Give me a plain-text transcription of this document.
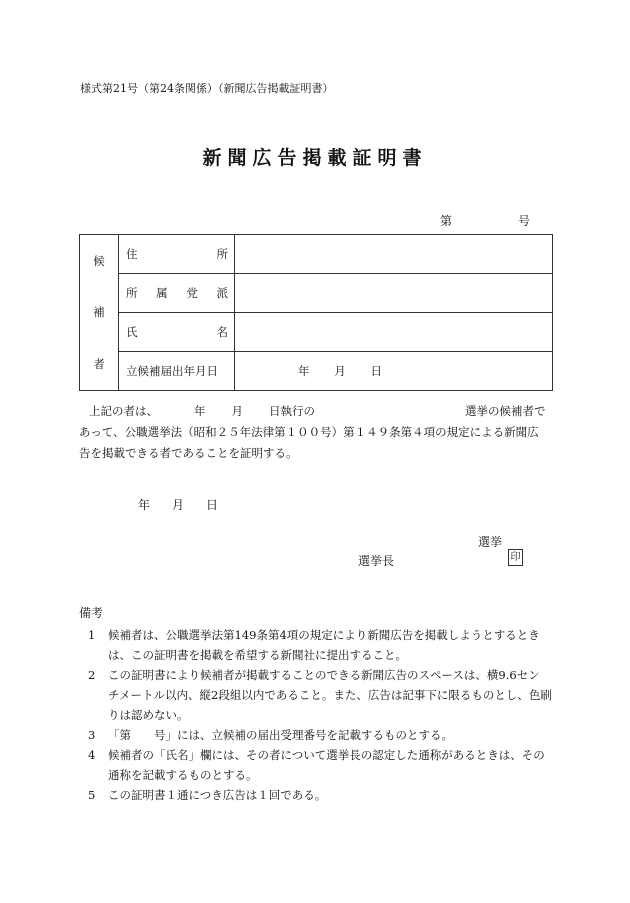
様式第21号（第24条関係）（新聞広告掲載証明書）
新聞広告掲載証明書
第	号
候
補
者	住 所	

	所 属 党 派	

	氏 名	

	立候補届出年月日	年 月 日
上記の者は、	年 月 日執行の	選挙の候補者で
あって、公職選挙法（昭和２５年法律第１００号）第１４９条第４項の規定による新聞広
告を掲載できる者であることを証明する。
年 月 日
選挙
選挙長	印
備考
1	候補者は、公職選挙法第149条第4項の規定により新聞広告を掲載しようとするとき
は、この証明書を掲載を希望する新聞社に提出すること。
2	この証明書により候補者が掲載することのできる新聞広告のスペースは、横9.6セン
チメートル以内、縦2段組以内であること。また、広告は記事下に限るものとし、色刷
りは認めない。
3	「第　　号」には、立候補の届出受理番号を記載するものとする。
4	候補者の「氏名」欄には、その者について選挙長の認定した通称があるときは、その
通称を記載するものとする。
5	この証明書１通につき広告は１回である。
